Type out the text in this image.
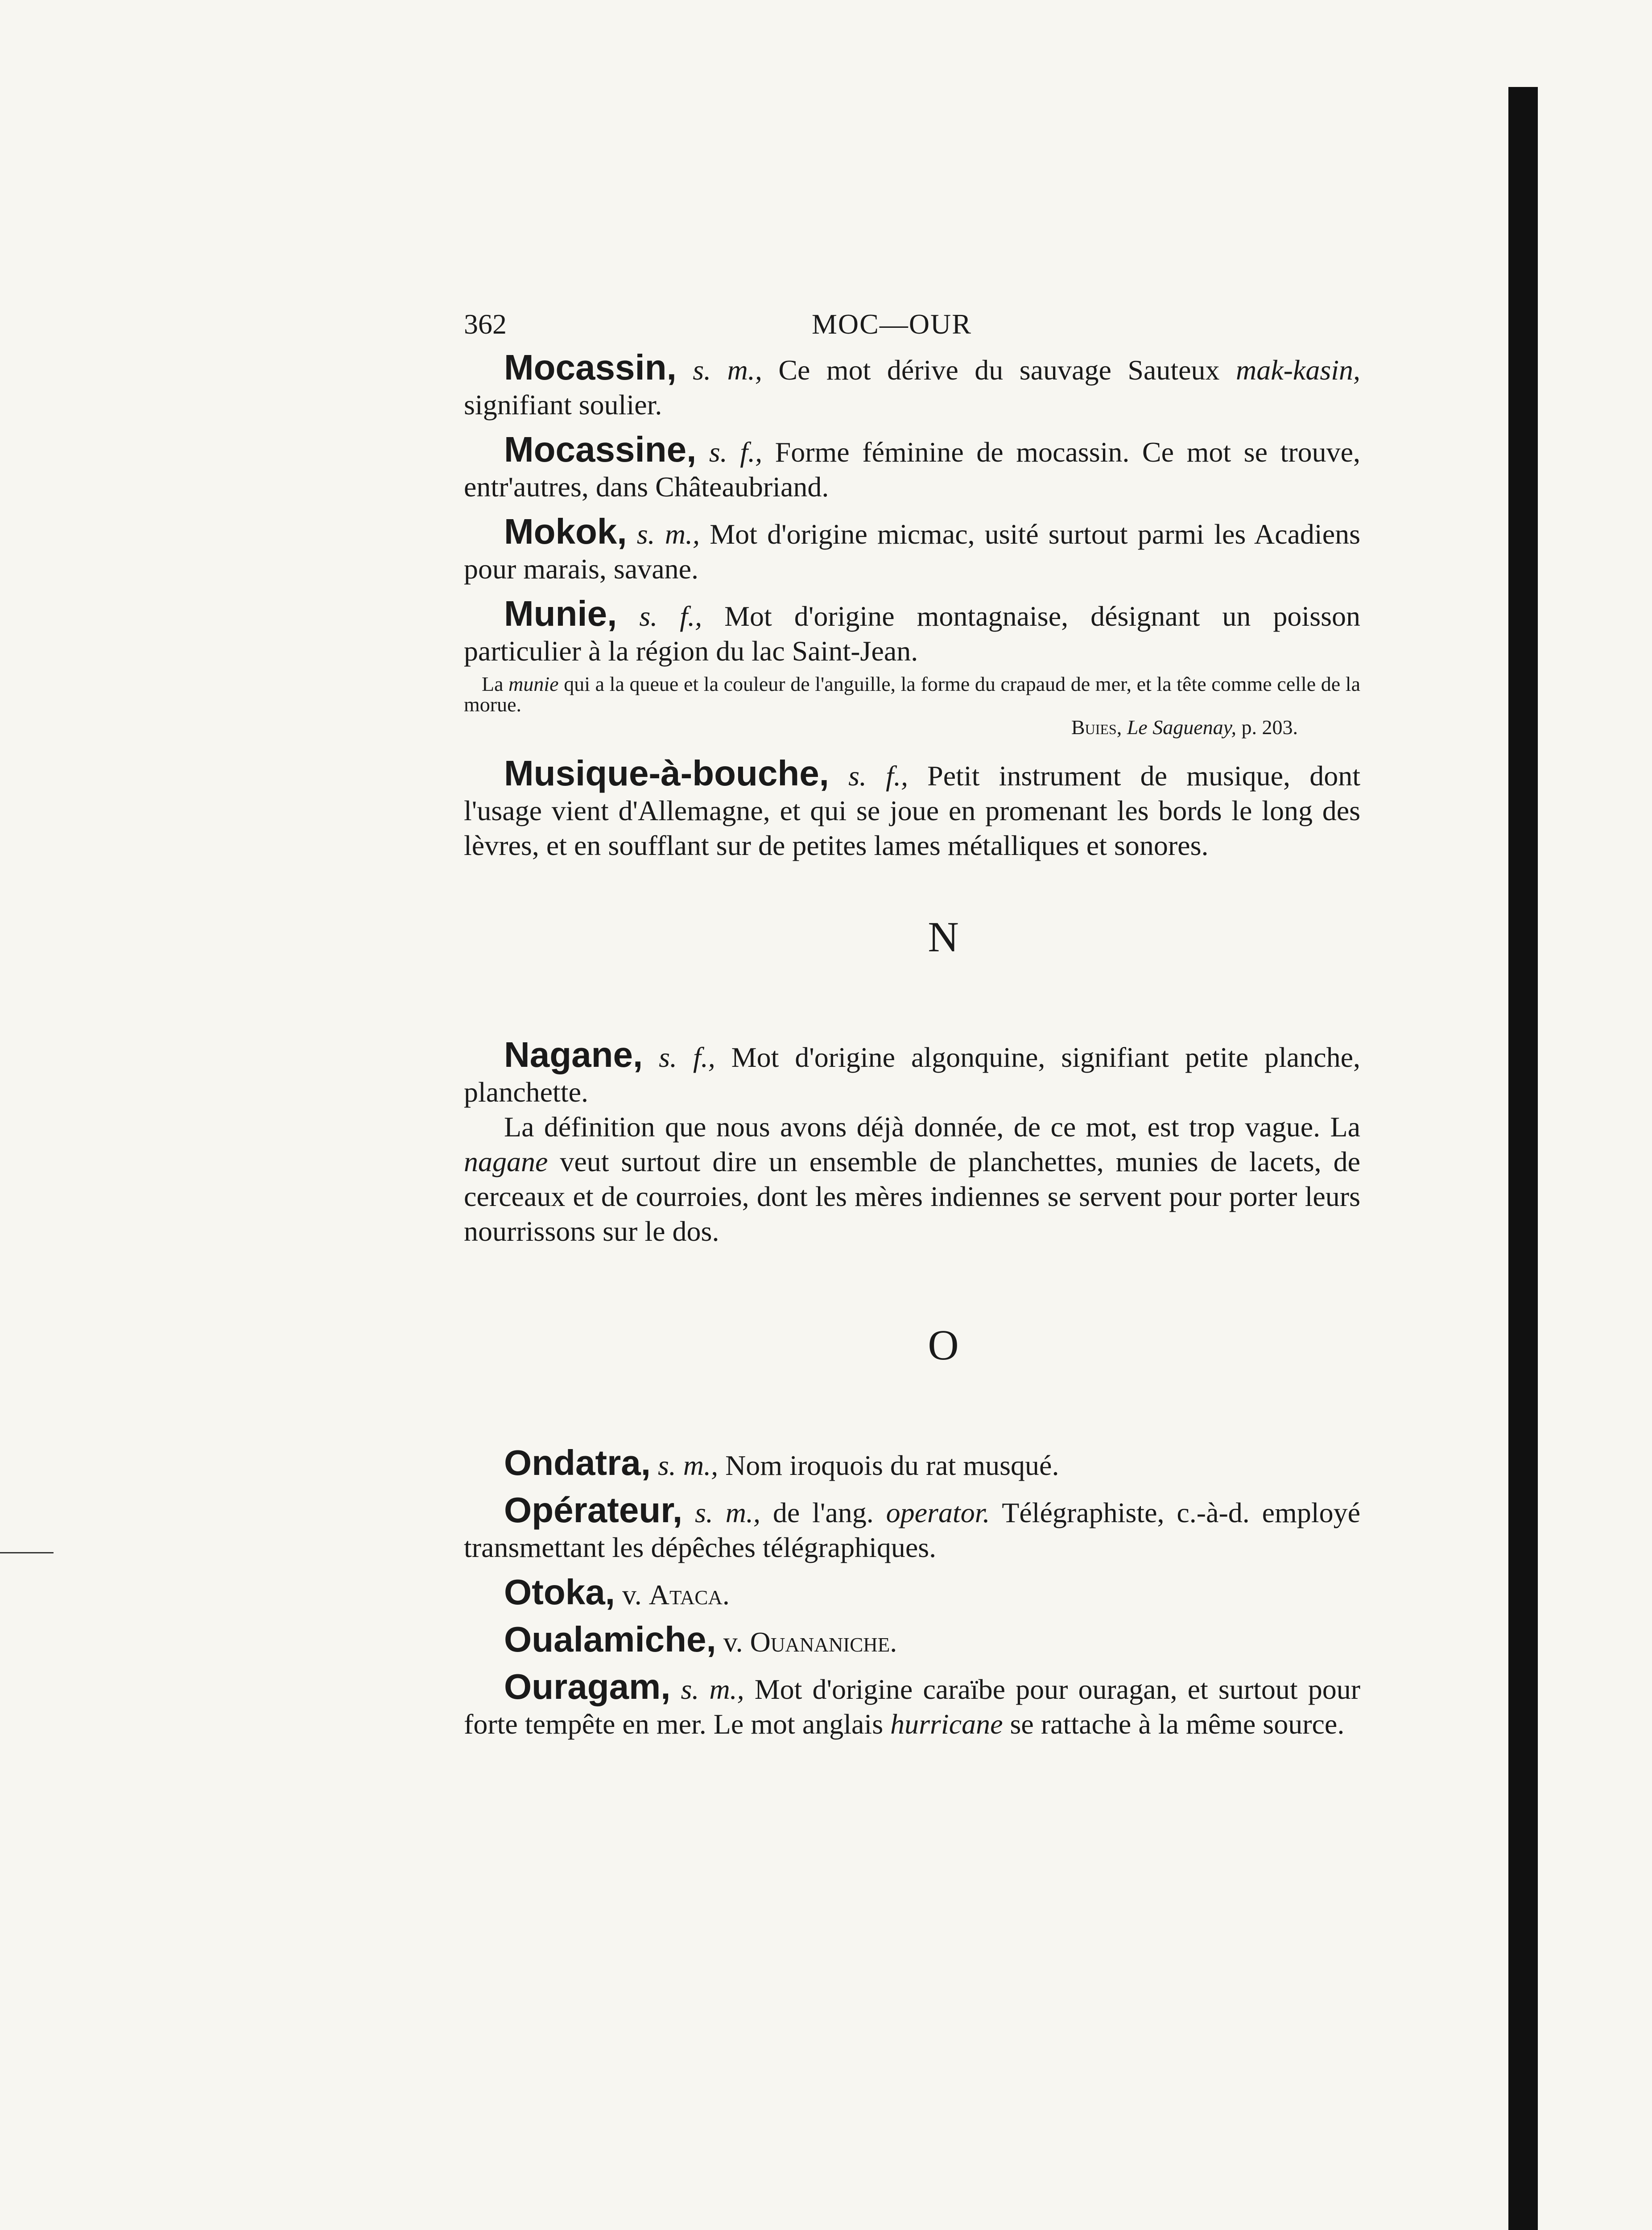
362	MOC—OUR

Mocassin, s. m., Ce mot dérive du sauvage Sauteux mak-kasin, signifiant soulier.

Mocassine, s. f., Forme féminine de mocassin. Ce mot se trouve, entr'autres, dans Châteaubriand.

Mokok, s. m., Mot d'origine micmac, usité surtout parmi les Acadiens pour marais, savane.

Munie, s. f., Mot d'origine montagnaise, désignant un poisson particulier à la région du lac Saint-Jean.

La munie qui a la queue et la couleur de l'anguille, la forme du crapaud de mer, et la tête comme celle de la morue.

Buies, Le Saguenay, p. 203.

Musique-à-bouche, s. f., Petit instrument de musique, dont l'usage vient d'Allemagne, et qui se joue en promenant les bords le long des lèvres, et en soufflant sur de petites lames métalliques et sonores.

N

Nagane, s. f., Mot d'origine algonquine, signifiant petite planche, planchette.

La définition que nous avons déjà donnée, de ce mot, est trop vague. La nagane veut surtout dire un ensemble de planchettes, munies de lacets, de cerceaux et de courroies, dont les mères indiennes se servent pour porter leurs nourrissons sur le dos.

O

Ondatra, s. m., Nom iroquois du rat musqué.

Opérateur, s. m., de l'ang. operator. Télégraphiste, c.-à-d. employé transmettant les dépêches télégraphiques.

Otoka, v. Ataca.

Oualamiche, v. Ouananiche.

Ouragam, s. m., Mot d'origine caraïbe pour ouragan, et surtout pour forte tempête en mer. Le mot anglais hurricane se rattache à la même source.
